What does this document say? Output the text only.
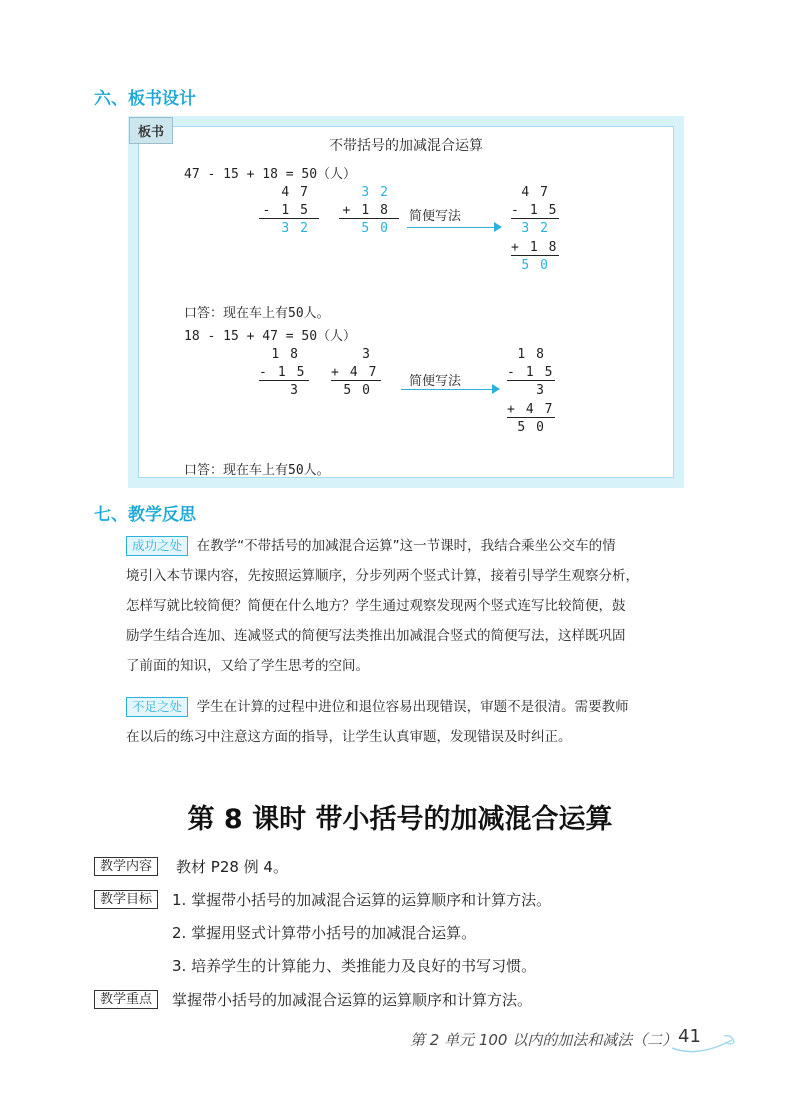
六、板书设计
板书
不带括号的加减混合运算
47 - 15 + 18 = 50（人）
47
-15
32
32
+18
50
简便写法
47
-15
32
+18
50
口答：现在车上有50人。
18 - 15 + 47 = 50（人）
18
-15
3
3
+47
50
简便写法
18
-15
3
+47
50
口答：现在车上有50人。
七、教学反思
成功之处 在教学“不带括号的加减混合运算”这一节课时，我结合乘坐公交车的情
境引入本节课内容，先按照运算顺序，分步列两个竖式计算，接着引导学生观察分析，
怎样写就比较简便？简便在什么地方？学生通过观察发现两个竖式连写比较简便，鼓
励学生结合连加、连减竖式的简便写法类推出加减混合竖式的简便写法，这样既巩固
了前面的知识，又给了学生思考的空间。
不足之处 学生在计算的过程中进位和退位容易出现错误，审题不是很清。需要教师
在以后的练习中注意这方面的指导，让学生认真审题，发现错误及时纠正。
第 8 课时 带小括号的加减混合运算
教学内容	教材 P28 例 4。
教学目标	1. 掌握带小括号的加减混合运算的运算顺序和计算方法。
2. 掌握用竖式计算带小括号的加减混合运算。
3. 培养学生的计算能力、类推能力及良好的书写习惯。
教学重点	掌握带小括号的加减混合运算的运算顺序和计算方法。
第 2 单元 100 以内的加法和减法（二） 41
